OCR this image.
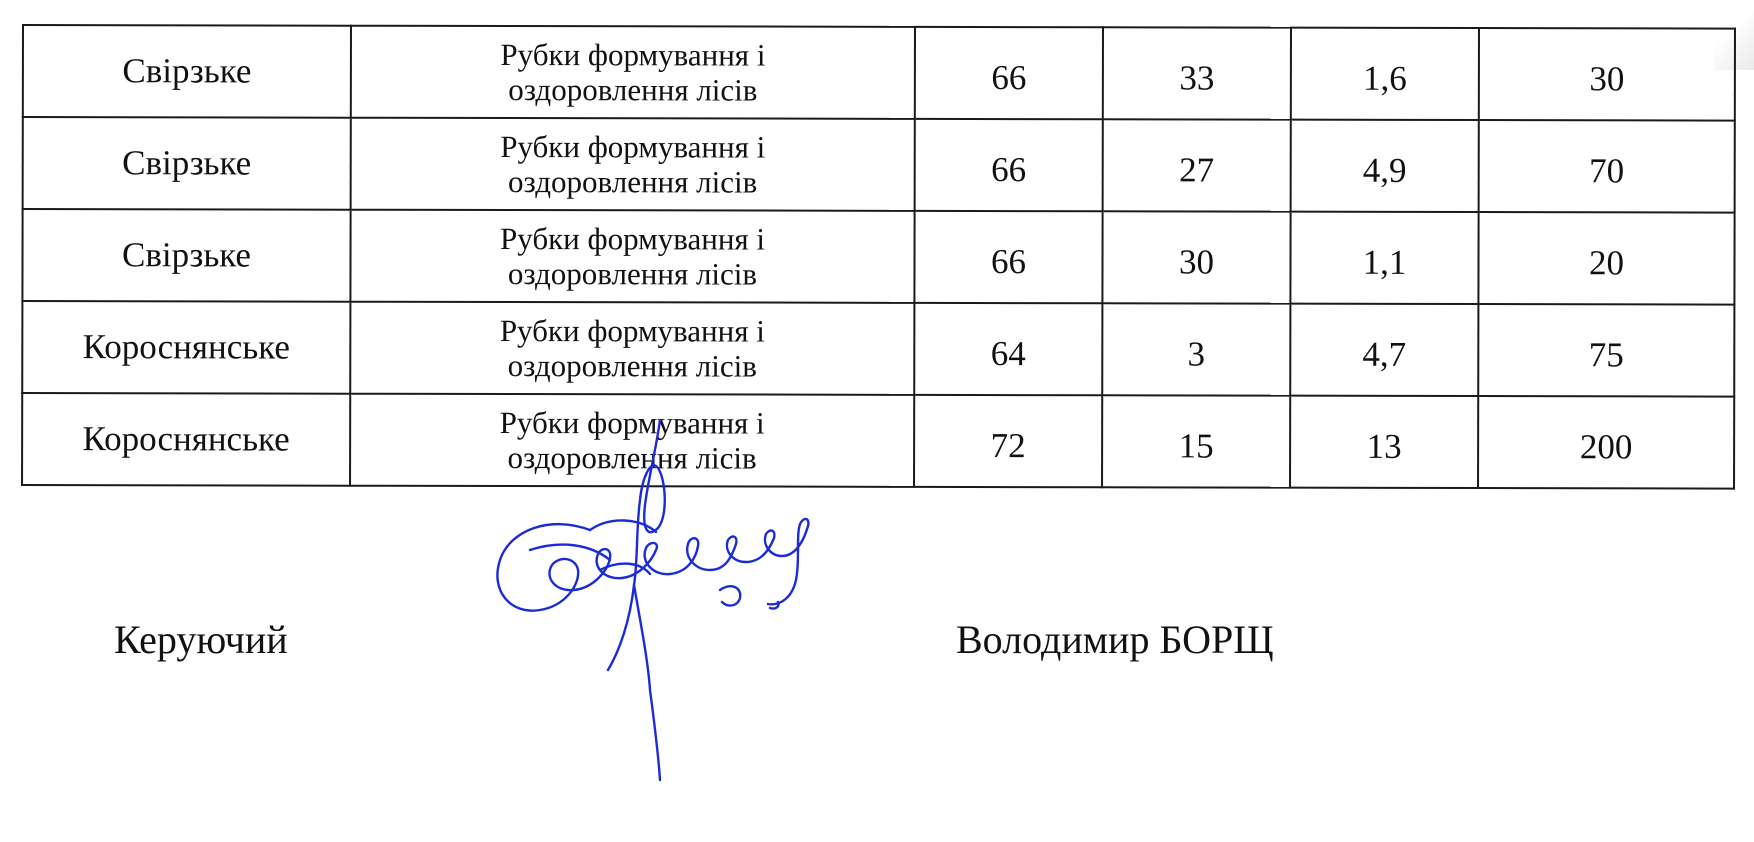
Свірзьке	Рубки формування і
оздоровлення лісів	66	33	1,6	30
Свірзьке	Рубки формування і
оздоровлення лісів	66	27	4,9	70
Свірзьке	Рубки формування і
оздоровлення лісів	66	30	1,1	20
Короснянське	Рубки формування і
оздоровлення лісів	64	3	4,7	75
Короснянське	Рубки формування і
оздоровлення лісів	72	15	13	200
Керуючий	Володимир БОРЩ
